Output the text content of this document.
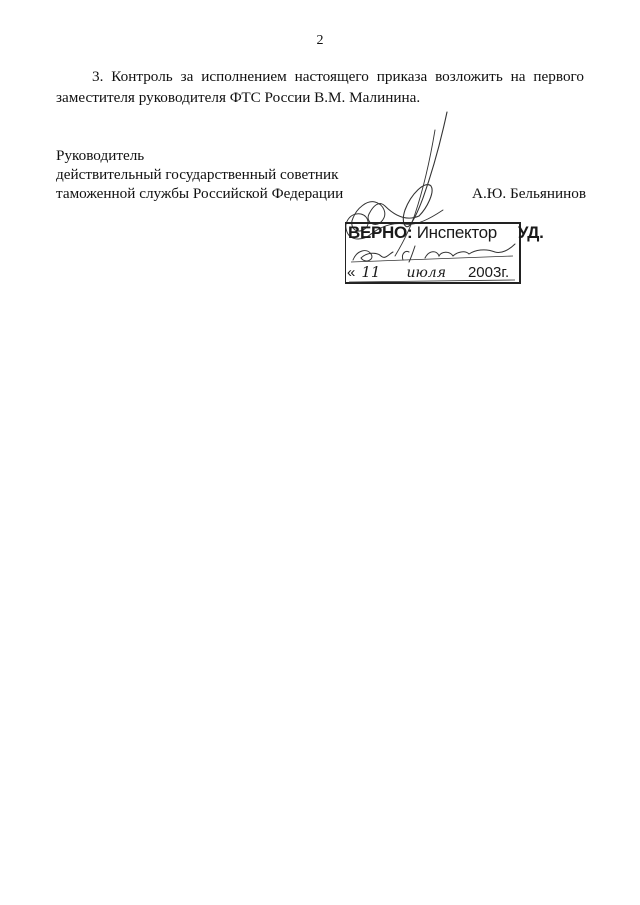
2

3. Контроль за исполнением настоящего приказа возложить на первого заместителя руководителя ФТС России В.М. Малинина.

Руководитель
действительный государственный советник
таможенной службы Российской Федерации	А.Ю. Бельянинов
ВЕРНО: Инспектор УД.
« 11 июля 2003г.
